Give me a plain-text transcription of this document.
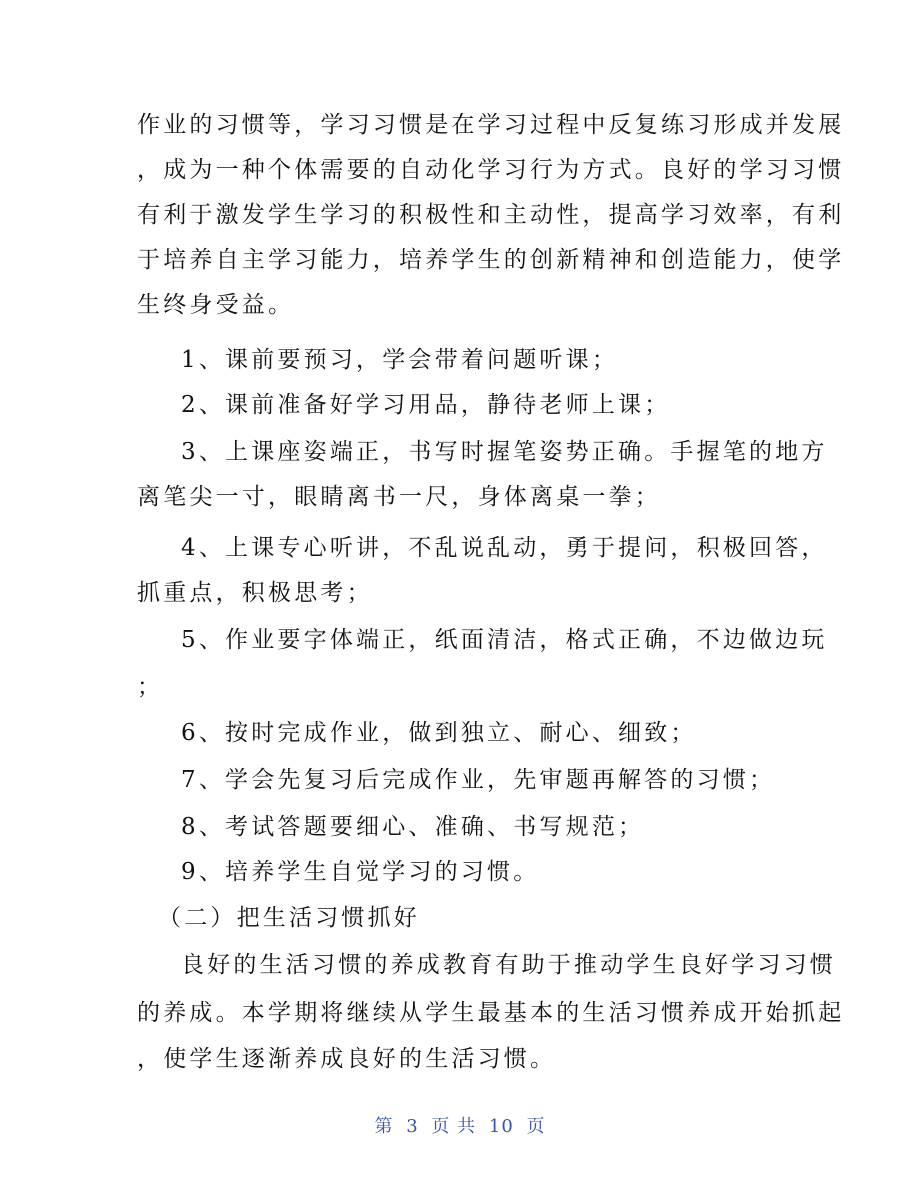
作业的习惯等，学习习惯是在学习过程中反复练习形成并发展
，成为一种个体需要的自动化学习行为方式。良好的学习习惯
有利于激发学生学习的积极性和主动性，提高学习效率，有利
于培养自主学习能力，培养学生的创新精神和创造能力，使学
生终身受益。
1、课前要预习，学会带着问题听课；
2、课前准备好学习用品，静待老师上课；
3、上课座姿端正，书写时握笔姿势正确。手握笔的地方
离笔尖一寸，眼睛离书一尺，身体离桌一拳；
4、上课专心听讲，不乱说乱动，勇于提问，积极回答，
抓重点，积极思考；
5、作业要字体端正，纸面清洁，格式正确，不边做边玩
；
6、按时完成作业，做到独立、耐心、细致；
7、学会先复习后完成作业，先审题再解答的习惯；
8、考试答题要细心、准确、书写规范；
9、培养学生自觉学习的习惯。
（二）把生活习惯抓好
良好的生活习惯的养成教育有助于推动学生良好学习习惯
的养成。本学期将继续从学生最基本的生活习惯养成开始抓起
，使学生逐渐养成良好的生活习惯。
第 3 页 共 10 页
